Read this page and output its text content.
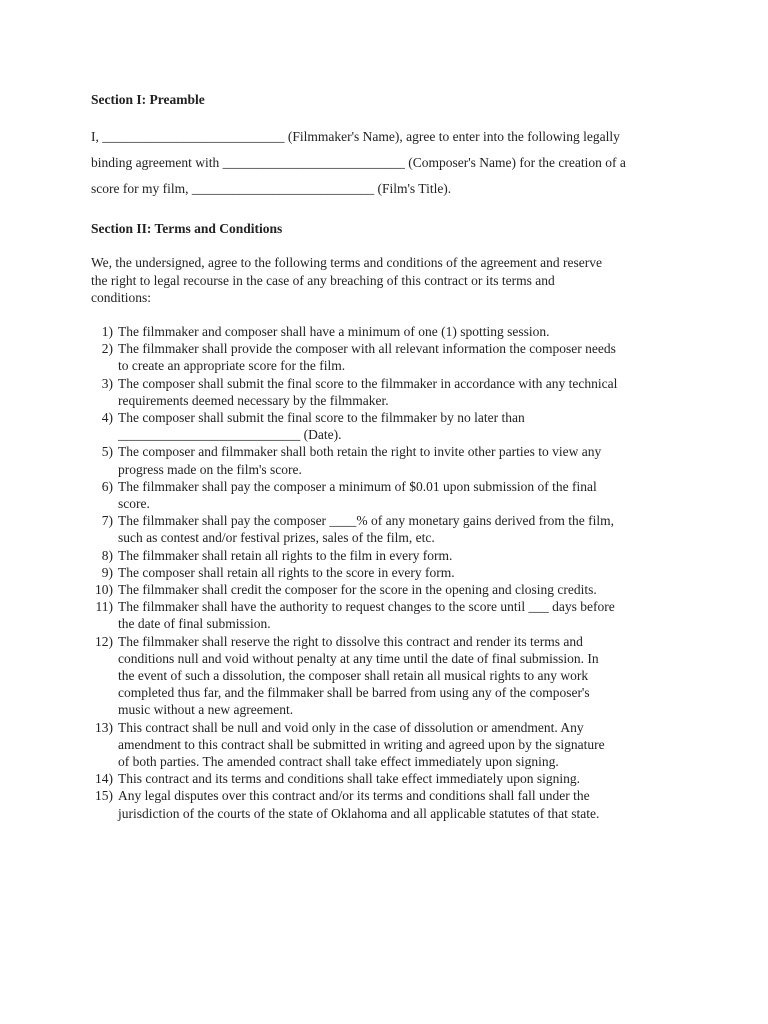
Section I: Preamble

I, ___________________________ (Filmmaker's Name), agree to enter into the following legally

binding agreement with ___________________________ (Composer's Name) for the creation of a

score for my film, ___________________________ (Film's Title).

Section II: Terms and Conditions

We, the undersigned, agree to the following terms and conditions of the agreement and reserve

the right to legal recourse in the case of any breaching of this contract or its terms and

conditions:

1) The filmmaker and composer shall have a minimum of one (1) spotting session.
2) The filmmaker shall provide the composer with all relevant information the composer needs
to create an appropriate score for the film.
3) The composer shall submit the final score to the filmmaker in accordance with any technical
requirements deemed necessary by the filmmaker.
4) The composer shall submit the final score to the filmmaker by no later than
___________________________ (Date).
5) The composer and filmmaker shall both retain the right to invite other parties to view any
progress made on the film's score.
6) The filmmaker shall pay the composer a minimum of $0.01 upon submission of the final
score.
7) The filmmaker shall pay the composer ____% of any monetary gains derived from the film,
such as contest and/or festival prizes, sales of the film, etc.
8) The filmmaker shall retain all rights to the film in every form.
9) The composer shall retain all rights to the score in every form.
10) The filmmaker shall credit the composer for the score in the opening and closing credits.
11) The filmmaker shall have the authority to request changes to the score until ___ days before
the date of final submission.
12) The filmmaker shall reserve the right to dissolve this contract and render its terms and
conditions null and void without penalty at any time until the date of final submission. In
the event of such a dissolution, the composer shall retain all musical rights to any work
completed thus far, and the filmmaker shall be barred from using any of the composer's
music without a new agreement.
13) This contract shall be null and void only in the case of dissolution or amendment. Any
amendment to this contract shall be submitted in writing and agreed upon by the signature
of both parties. The amended contract shall take effect immediately upon signing.
14) This contract and its terms and conditions shall take effect immediately upon signing.
15) Any legal disputes over this contract and/or its terms and conditions shall fall under the
jurisdiction of the courts of the state of Oklahoma and all applicable statutes of that state.
